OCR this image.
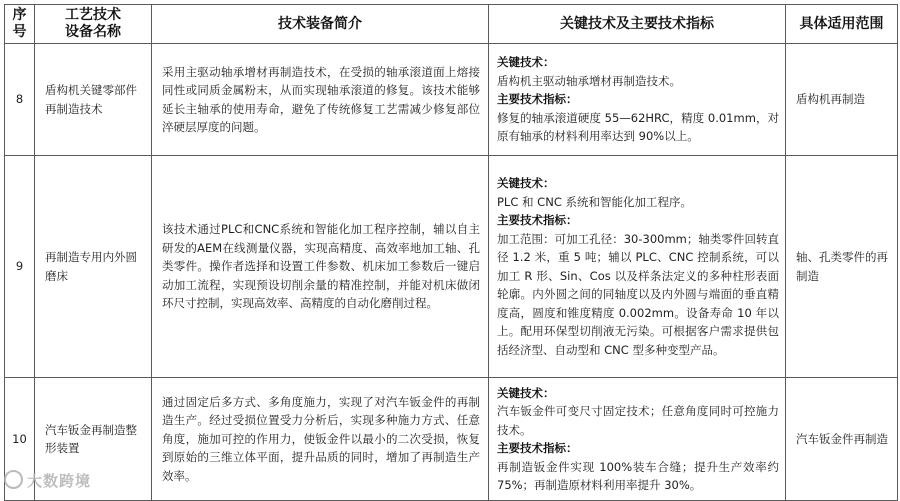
序
号	工艺技术
设备名称	技术装备简介	关键技术及主要技术指标	具体适用范围
8	盾构机关键零部件再制造技术	采用主驱动轴承增材再制造技术，在受损的轴承滚道面上熔接同性或同质金属粉末，从而实现轴承滚道的修复。该技术能够延长主轴承的使用寿命，避免了传统修复工艺需减少修复部位淬硬层厚度的问题。	关键技术：
盾构机主驱动轴承增材再制造技术。
主要技术指标：
修复的轴承滚道硬度 55—62HRC，精度 0.01mm，对原有轴承的材料利用率达到 90%以上。	盾构机再制造
9	再制造专用内外圆磨床	该技术通过PLC和CNC系统和智能化加工程序控制，辅以自主研发的AEM在线测量仪器，实现高精度、高效率地加工轴、孔类零件。操作者选择和设置工件参数、机床加工参数后一键启动加工流程，实现预设切削余量的精准控制，并能对机床做闭环尺寸控制，实现高效率、高精度的自动化磨削过程。	关键技术：
PLC 和 CNC 系统和智能化加工程序。
主要技术指标：
加工范围：可加工孔径：30-300mm；轴类零件回转直径 1.2 米，重 5 吨；辅以 PLC、CNC 控制系统，可以加工 R 形、Sin、Cos 以及样条法定义的多种柱形表面轮廓。内外圆之间的同轴度以及内外圆与端面的垂直精度高，圆度和锥度精度 0.002mm。设备寿命 10 年以上。配用环保型切削液无污染。可根据客户需求提供包括经济型、自动型和 CNC 型多种变型产品。	轴、孔类零件的再制造
10	汽车钣金再制造整形装置	通过固定后多方式、多角度施力，实现了对汽车钣金件的再制造生产。经过受损位置受力分析后，实现多种施力方式、任意角度，施加可控的作用力，使钣金件以最小的二次受损，恢复到原始的三维立体平面，提升品质的同时，增加了再制造生产效率。	关键技术：
汽车钣金件可变尺寸固定技术；任意角度同时可控施力技术。
主要技术指标：
再制造钣金件实现 100%装车合缝；提升生产效率约 75%；再制造原材料利用率提升 30%。	汽车钣金件再制造
大数跨境
